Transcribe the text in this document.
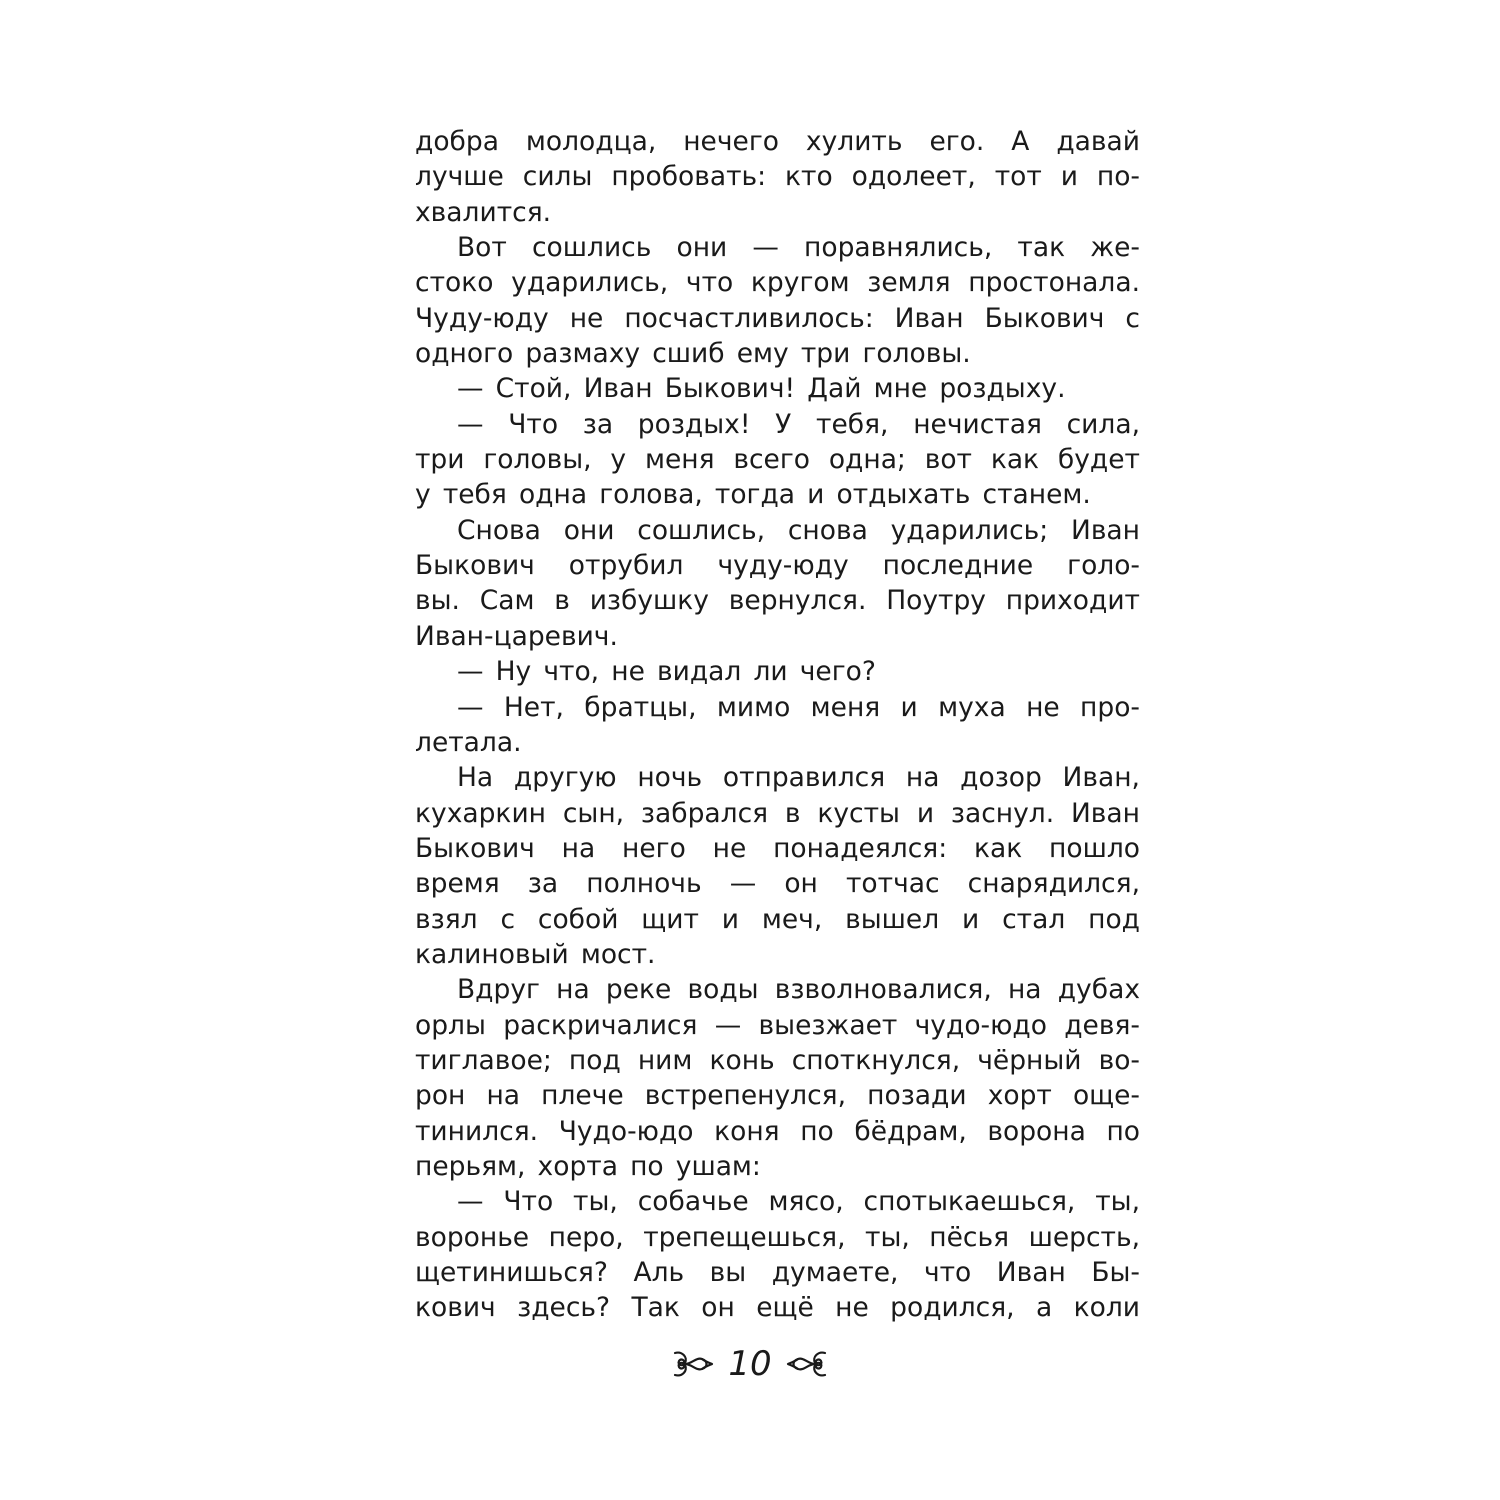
добра молодца, нечего хулить его. А давай
лучше силы пробовать: кто одолеет, тот и по-
хвалится.
Вот сошлись они — поравнялись, так же-
стоко ударились, что кругом земля простонала.
Чуду-юду не посчастливилось: Иван Быкович с
одного размаху сшиб ему три головы.
— Стой, Иван Быкович! Дай мне роздыху.
— Что за роздых! У тебя, нечистая сила,
три головы, у меня всего одна; вот как будет
у тебя одна голова, тогда и отдыхать станем.
Снова они сошлись, снова ударились; Иван
Быкович отрубил чуду-юду последние голо-
вы. Сам в избушку вернулся. Поутру приходит
Иван-царевич.
— Ну что, не видал ли чего?
— Нет, братцы, мимо меня и муха не про-
летала.
На другую ночь отправился на дозор Иван,
кухаркин сын, забрался в кусты и заснул. Иван
Быкович на него не понадеялся: как пошло
время за полночь — он тотчас снарядился,
взял с собой щит и меч, вышел и стал под
калиновый мост.
Вдруг на реке воды взволновалися, на дубах
орлы раскричалися — выезжает чудо-юдо девя-
тиглавое; под ним конь споткнулся, чёрный во-
рон на плече встрепенулся, позади хорт още-
тинился. Чудо-юдо коня по бёдрам, ворона по
перьям, хорта по ушам:
— Что ты, собачье мясо, спотыкаешься, ты,
воронье перо, трепещешься, ты, пёсья шерсть,
щетинишься? Аль вы думаете, что Иван Бы-
кович здесь? Так он ещё не родился, а коли
10
